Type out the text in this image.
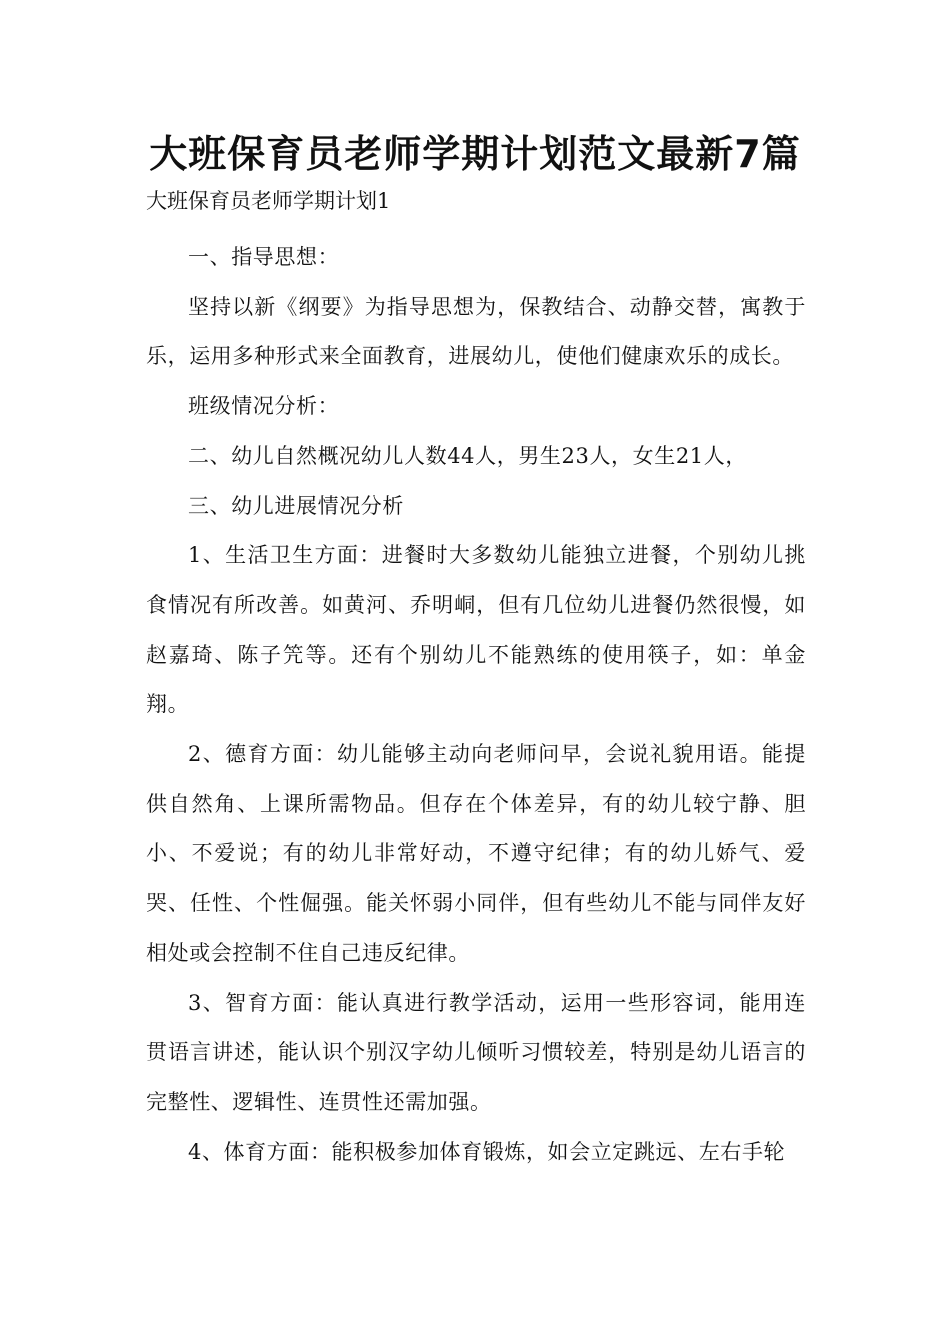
大班保育员老师学期计划范文最新7篇
大班保育员老师学期计划1

一、指导思想：

坚持以新《纲要》为指导思想为，保教结合、动静交替，寓教于乐，运用多种形式来全面教育，进展幼儿，使他们健康欢乐的成长。

班级情况分析：

二、幼儿自然概况幼儿人数44人，男生23人，女生21人，

三、幼儿进展情况分析

1、生活卫生方面：进餐时大多数幼儿能独立进餐，个别幼儿挑食情况有所改善。如黄河、乔明峒，但有几位幼儿进餐仍然很慢，如赵嘉琦、陈子笐等。还有个别幼儿不能熟练的使用筷子，如：单金翔。

2、德育方面：幼儿能够主动向老师问早，会说礼貌用语。能提供自然角、上课所需物品。但存在个体差异，有的幼儿较宁静、胆小、不爱说；有的幼儿非常好动，不遵守纪律；有的幼儿娇气、爱哭、任性、个性倔强。能关怀弱小同伴，但有些幼儿不能与同伴友好相处或会控制不住自己违反纪律。

3、智育方面：能认真进行教学活动，运用一些形容词，能用连贯语言讲述，能认识个别汉字幼儿倾听习惯较差，特别是幼儿语言的完整性、逻辑性、连贯性还需加强。

4、体育方面：能积极参加体育锻炼，如会立定跳远、左右手轮
